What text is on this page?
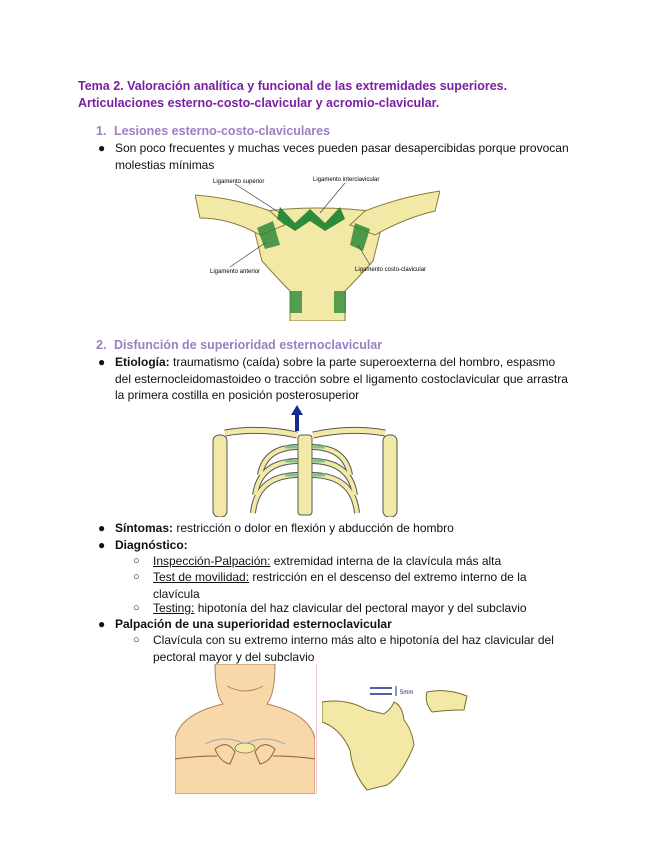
Tema 2. Valoración analítica y funcional de las extremidades superiores.
Articulaciones esterno-costo-clavicular y acromio-clavicular.
1. Lesiones esterno-costo-claviculares
● Son poco frecuentes y muchas veces pueden pasar desapercibidas porque provocan molestias mínimas
Ligamento superior	Ligamento interclavicular
Ligamento anterior	Ligamento costo-clavicular
2. Disfunción de superioridad esternoclavicular
● Etiología: traumatismo (caída) sobre la parte superoexterna del hombro, espasmo del esternocleidomastoideo o tracción sobre el ligamento costoclavicular que arrastra la primera costilla en posición posterosuperior
● Síntomas: restricción o dolor en flexión y abducción de hombro
● Diagnóstico:
○ Inspección-Palpación: extremidad interna de la clavícula más alta
○ Test de movilidad: restricción en el descenso del extremo interno de la clavícula
○ Testing: hipotonía del haz clavicular del pectoral mayor y del subclavio
● Palpación de una superioridad esternoclavicular
○ Clavícula con su extremo interno más alto e hipotonía del haz clavicular del pectoral mayor y del subclavio
5mm
